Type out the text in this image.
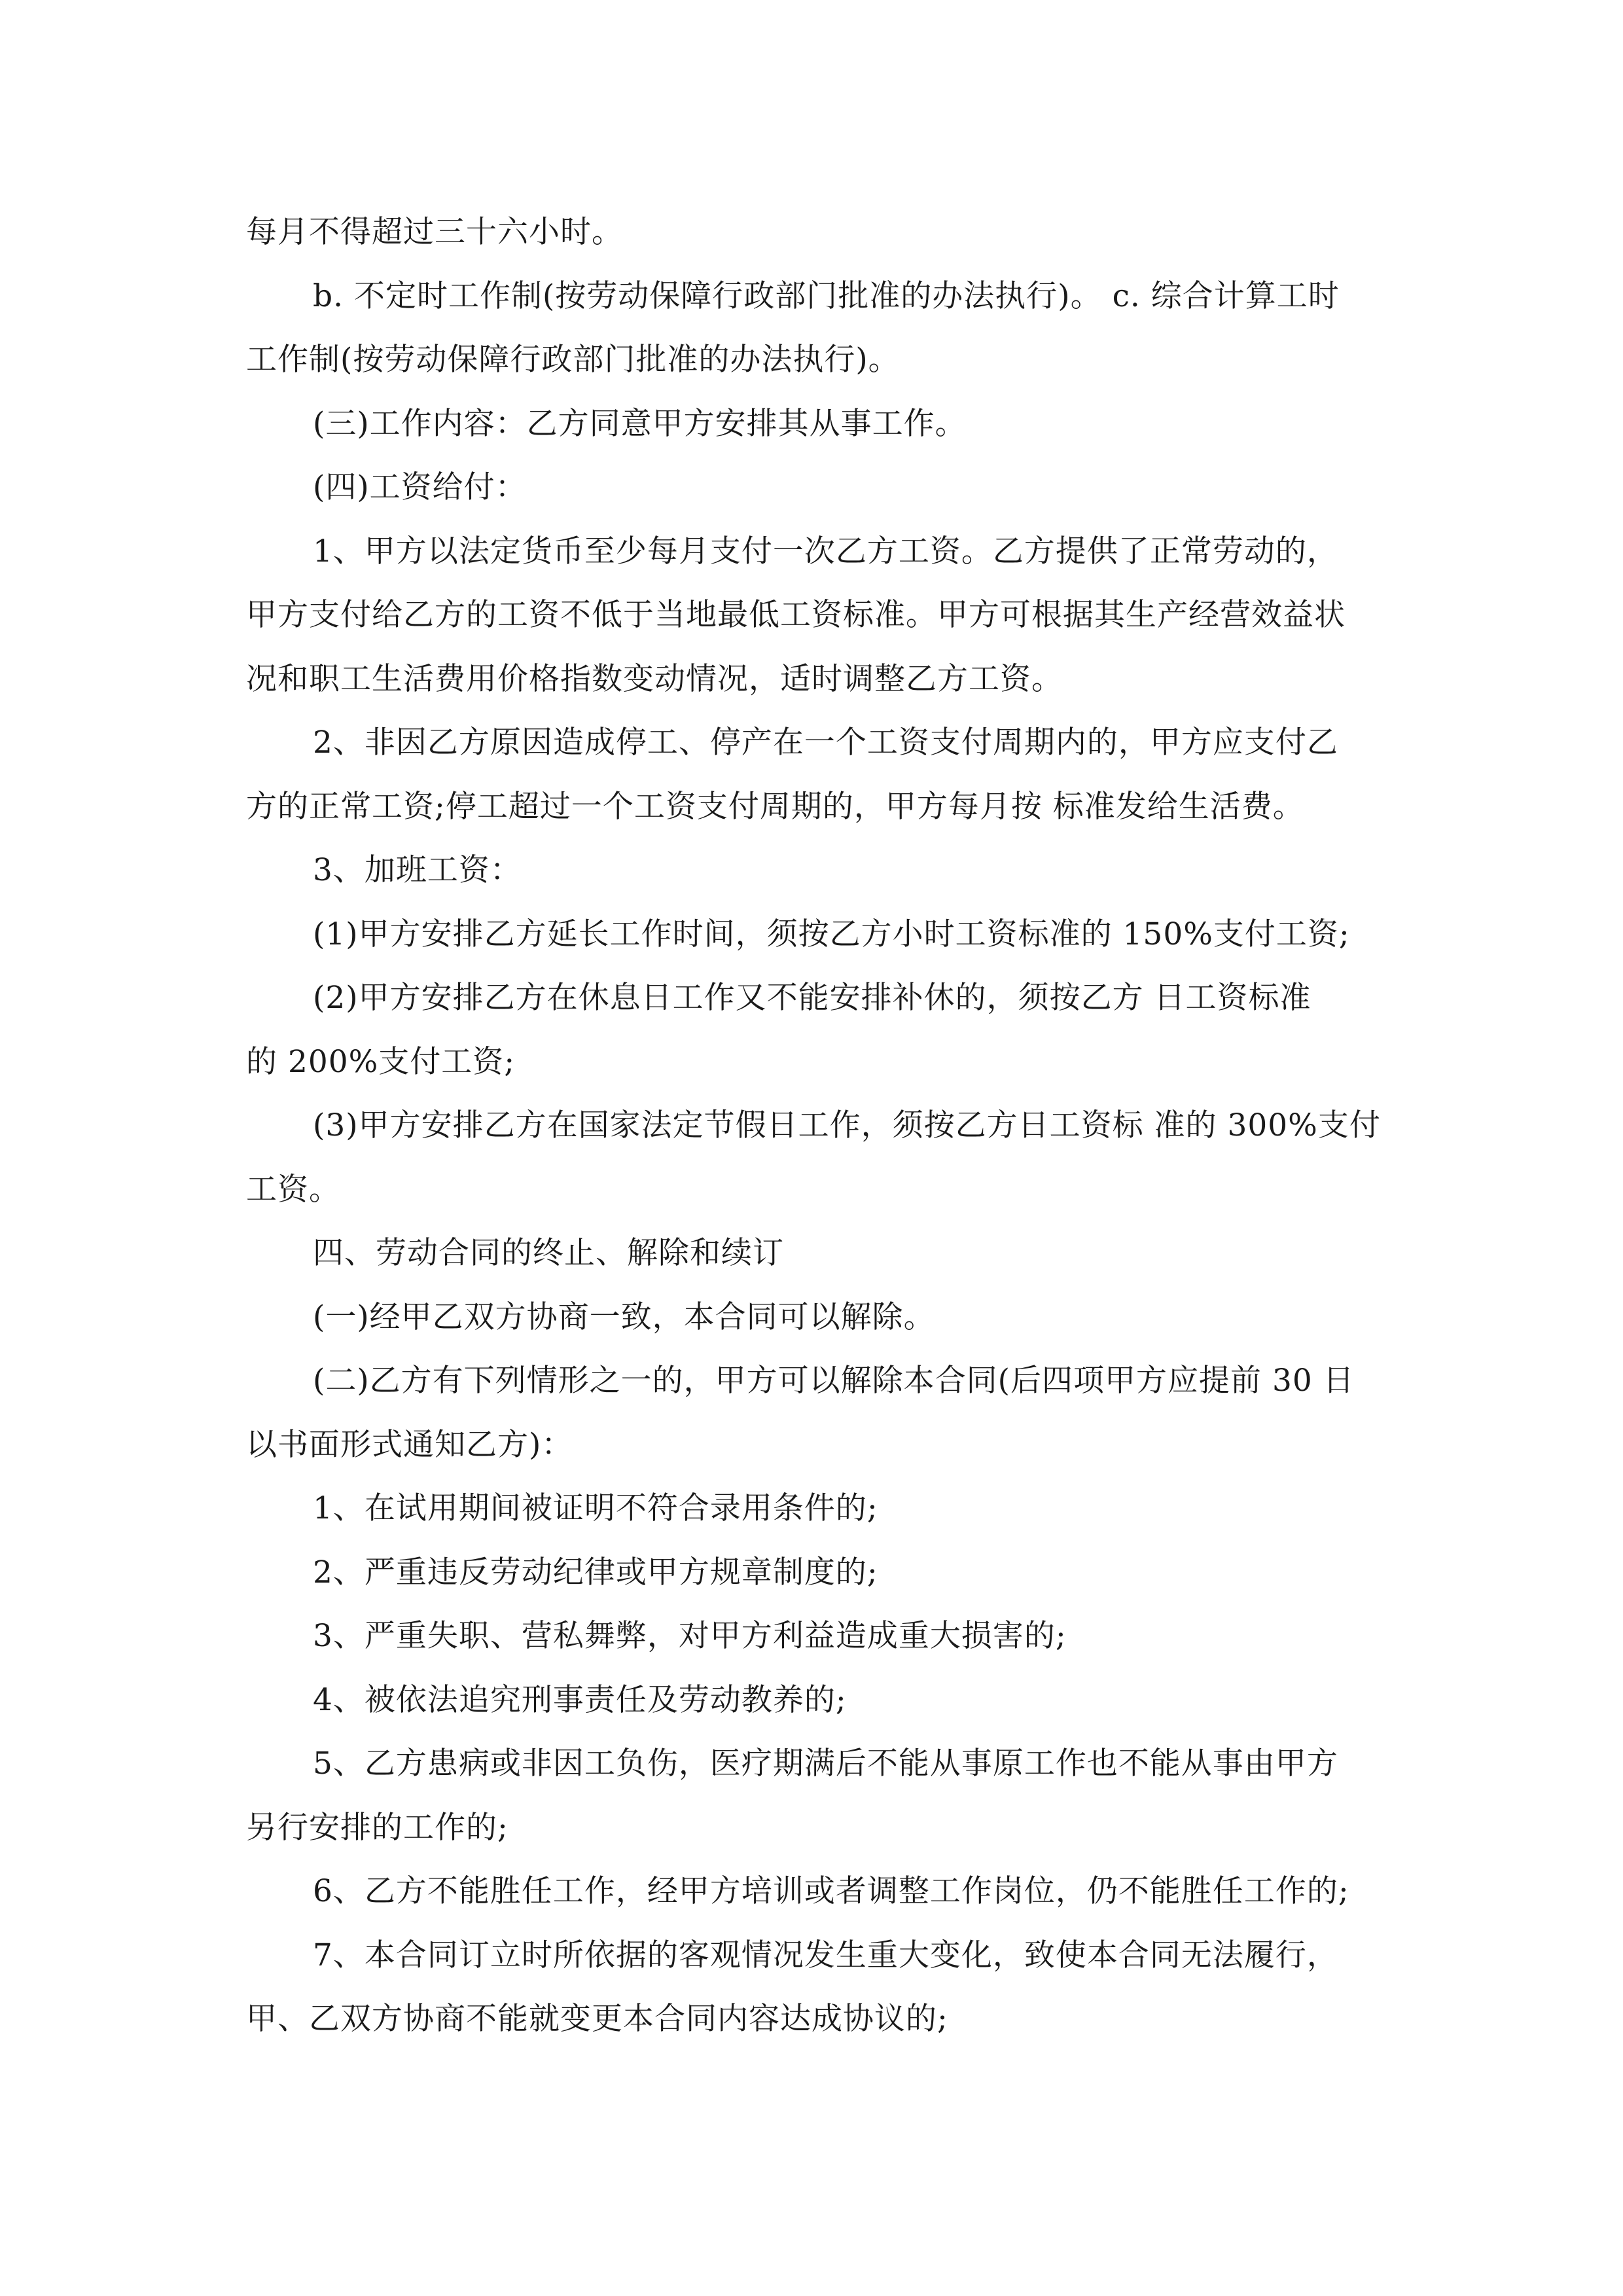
每月不得超过三十六小时。
b. 不定时工作制(按劳动保障行政部门批准的办法执行)。 c. 综合计算工时
工作制(按劳动保障行政部门批准的办法执行)。
(三)工作内容：乙方同意甲方安排其从事工作。
(四)工资给付：
1、甲方以法定货币至少每月支付一次乙方工资。乙方提供了正常劳动的，
甲方支付给乙方的工资不低于当地最低工资标准。甲方可根据其生产经营效益状
况和职工生活费用价格指数变动情况，适时调整乙方工资。
2、非因乙方原因造成停工、停产在一个工资支付周期内的，甲方应支付乙
方的正常工资;停工超过一个工资支付周期的，甲方每月按 标准发给生活费。
3、加班工资：
(1)甲方安排乙方延长工作时间，须按乙方小时工资标准的 150%支付工资;
(2)甲方安排乙方在休息日工作又不能安排补休的，须按乙方 日工资标准
的 200%支付工资;
(3)甲方安排乙方在国家法定节假日工作，须按乙方日工资标 准的 300%支付
工资。
四、劳动合同的终止、解除和续订
(一)经甲乙双方协商一致，本合同可以解除。
(二)乙方有下列情形之一的，甲方可以解除本合同(后四项甲方应提前 30 日
以书面形式通知乙方)：
1、在试用期间被证明不符合录用条件的;
2、严重违反劳动纪律或甲方规章制度的;
3、严重失职、营私舞弊，对甲方利益造成重大损害的;
4、被依法追究刑事责任及劳动教养的;
5、乙方患病或非因工负伤，医疗期满后不能从事原工作也不能从事由甲方
另行安排的工作的;
6、乙方不能胜任工作，经甲方培训或者调整工作岗位，仍不能胜任工作的;
7、本合同订立时所依据的客观情况发生重大变化，致使本合同无法履行，
甲、乙双方协商不能就变更本合同内容达成协议的;
